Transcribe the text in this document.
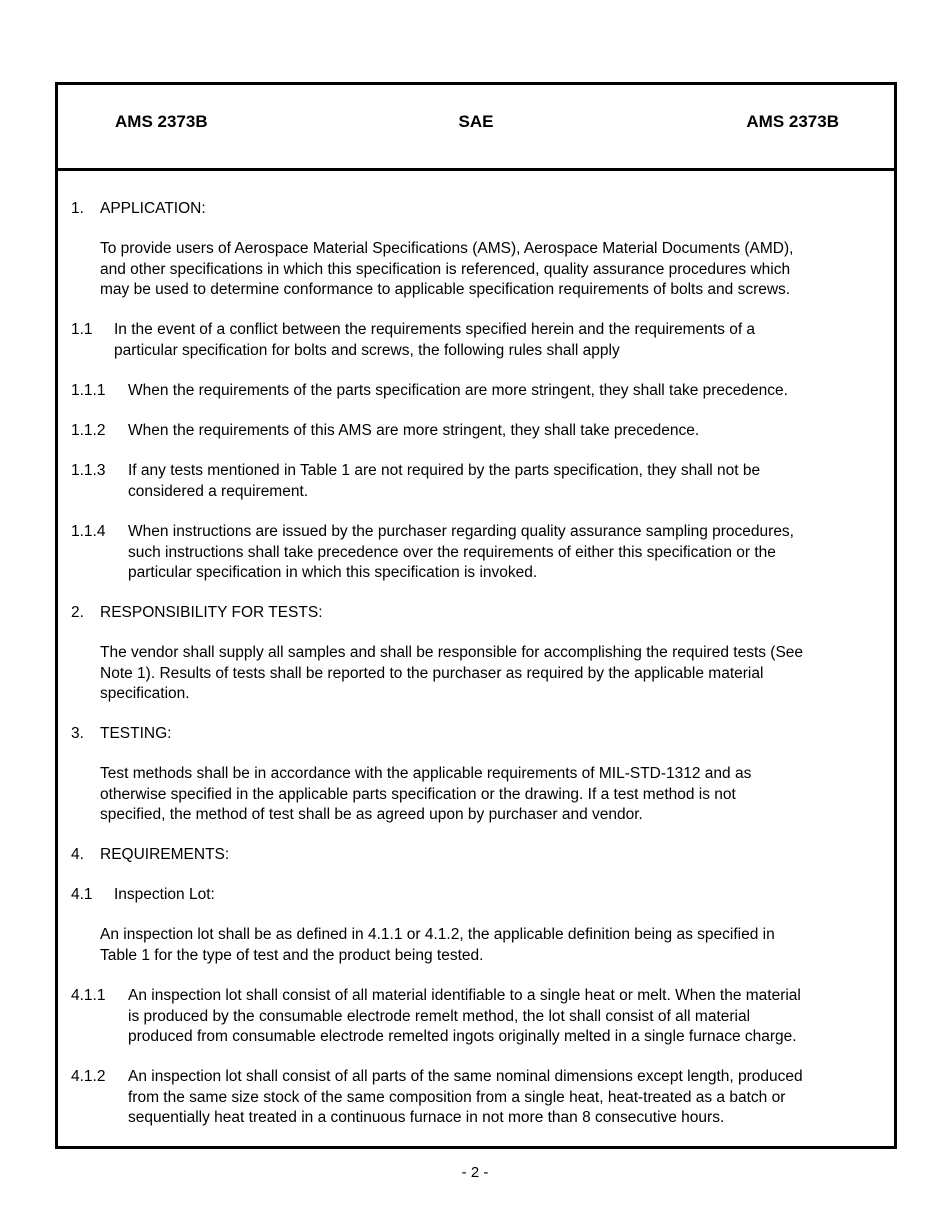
AMS 2373B	SAE	AMS 2373B
1. APPLICATION:
To provide users of Aerospace Material Specifications (AMS), Aerospace Material Documents (AMD),
and other specifications in which this specification is referenced, quality assurance procedures which
may be used to determine conformance to applicable specification requirements of bolts and screws.
1.1 In the event of a conflict between the requirements specified herein and the requirements of a
particular specification for bolts and screws, the following rules shall apply
1.1.1 When the requirements of the parts specification are more stringent, they shall take precedence.
1.1.2 When the requirements of this AMS are more stringent, they shall take precedence.
1.1.3 If any tests mentioned in Table 1 are not required by the parts specification, they shall not be
considered a requirement.
1.1.4 When instructions are issued by the purchaser regarding quality assurance sampling procedures,
such instructions shall take precedence over the requirements of either this specification or the
particular specification in which this specification is invoked.
2. RESPONSIBILITY FOR TESTS:
The vendor shall supply all samples and shall be responsible for accomplishing the required tests (See
Note 1). Results of tests shall be reported to the purchaser as required by the applicable material
specification.
3. TESTING:
Test methods shall be in accordance with the applicable requirements of MIL-STD-1312 and as
otherwise specified in the applicable parts specification or the drawing. If a test method is not
specified, the method of test shall be as agreed upon by purchaser and vendor.
4. REQUIREMENTS:
4.1 Inspection Lot:
An inspection lot shall be as defined in 4.1.1 or 4.1.2, the applicable definition being as specified in
Table 1 for the type of test and the product being tested.
4.1.1 An inspection lot shall consist of all material identifiable to a single heat or melt. When the material
is produced by the consumable electrode remelt method, the lot shall consist of all material
produced from consumable electrode remelted ingots originally melted in a single furnace charge.
4.1.2 An inspection lot shall consist of all parts of the same nominal dimensions except length, produced
from the same size stock of the same composition from a single heat, heat-treated as a batch or
sequentially heat treated in a continuous furnace in not more than 8 consecutive hours.
- 2 -
